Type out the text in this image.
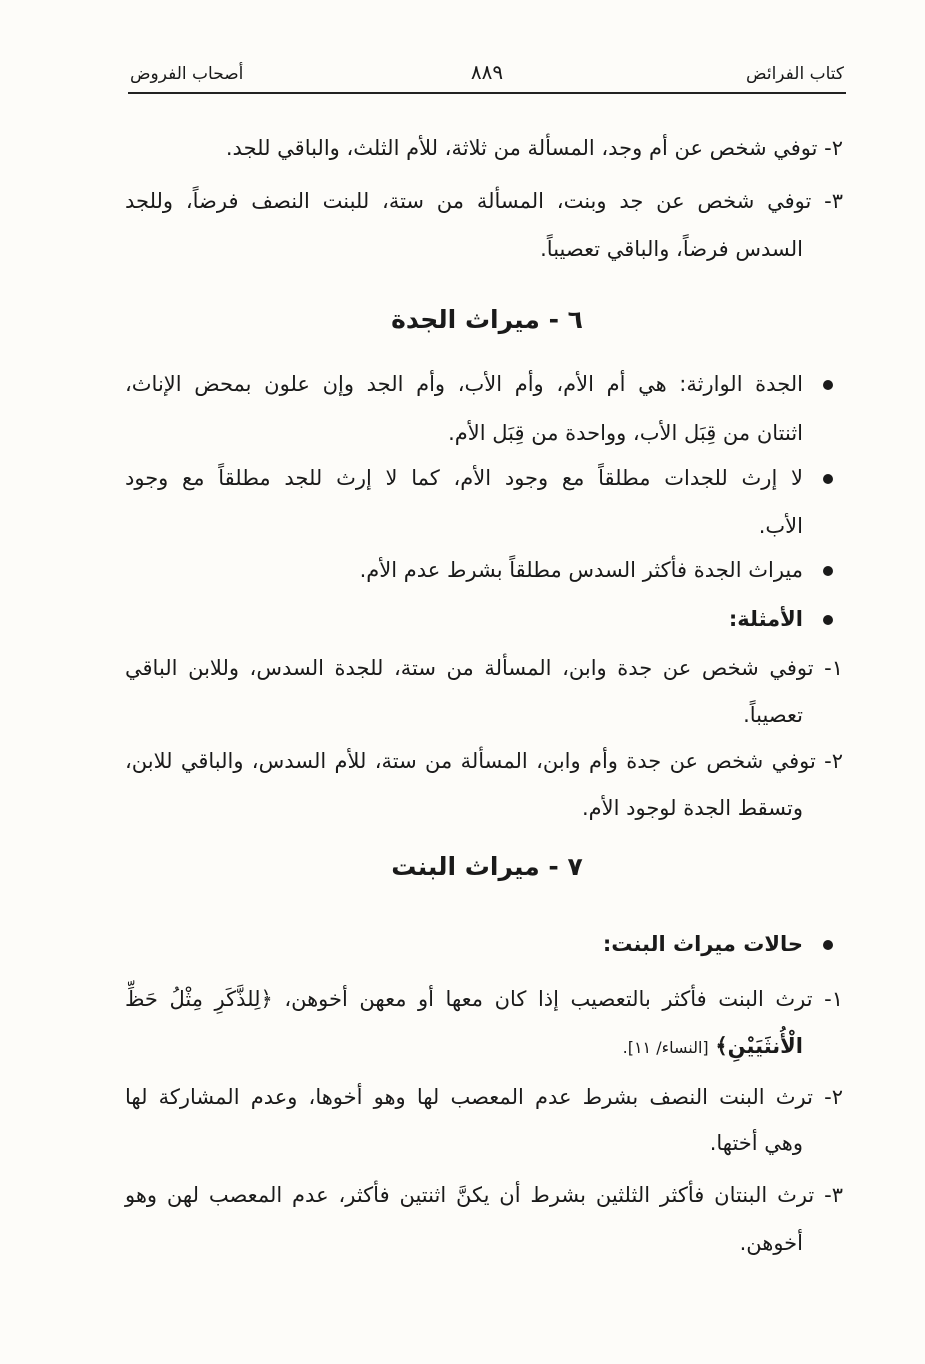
كتاب الفرائض
٨٨٩
أصحاب الفروض
٢- توفي شخص عن أم وجد، المسألة من ثلاثة، للأم الثلث، والباقي للجد.
٣- توفي شخص عن جد وبنت، المسألة من ستة، للبنت النصف فرضاً، وللجد
السدس فرضاً، والباقي تعصيباً.
٦ - ميراث الجدة
الجدة الوارثة: هي أم الأم، وأم الأب، وأم الجد وإن علون بمحض الإناث،
اثنتان من قِبَل الأب، وواحدة من قِبَل الأم.
لا إرث للجدات مطلقاً مع وجود الأم، كما لا إرث للجد مطلقاً مع وجود
الأب.
ميراث الجدة فأكثر السدس مطلقاً بشرط عدم الأم.
الأمثلة:
١- توفي شخص عن جدة وابن، المسألة من ستة، للجدة السدس، وللابن الباقي
تعصيباً.
٢- توفي شخص عن جدة وأم وابن، المسألة من ستة، للأم السدس، والباقي للابن،
وتسقط الجدة لوجود الأم.
٧ - ميراث البنت
حالات ميراث البنت:
١- ترث البنت فأكثر بالتعصيب إذا كان معها أو معهن أخوهن، ﴿لِلذَّكَرِ مِثْلُ حَظِّ
الْأُنثَيَيْنِ﴾ [النساء/ ١١].
٢- ترث البنت النصف بشرط عدم المعصب لها وهو أخوها، وعدم المشاركة لها
وهي أختها.
٣- ترث البنتان فأكثر الثلثين بشرط أن يكنَّ اثنتين فأكثر، عدم المعصب لهن وهو
أخوهن.
